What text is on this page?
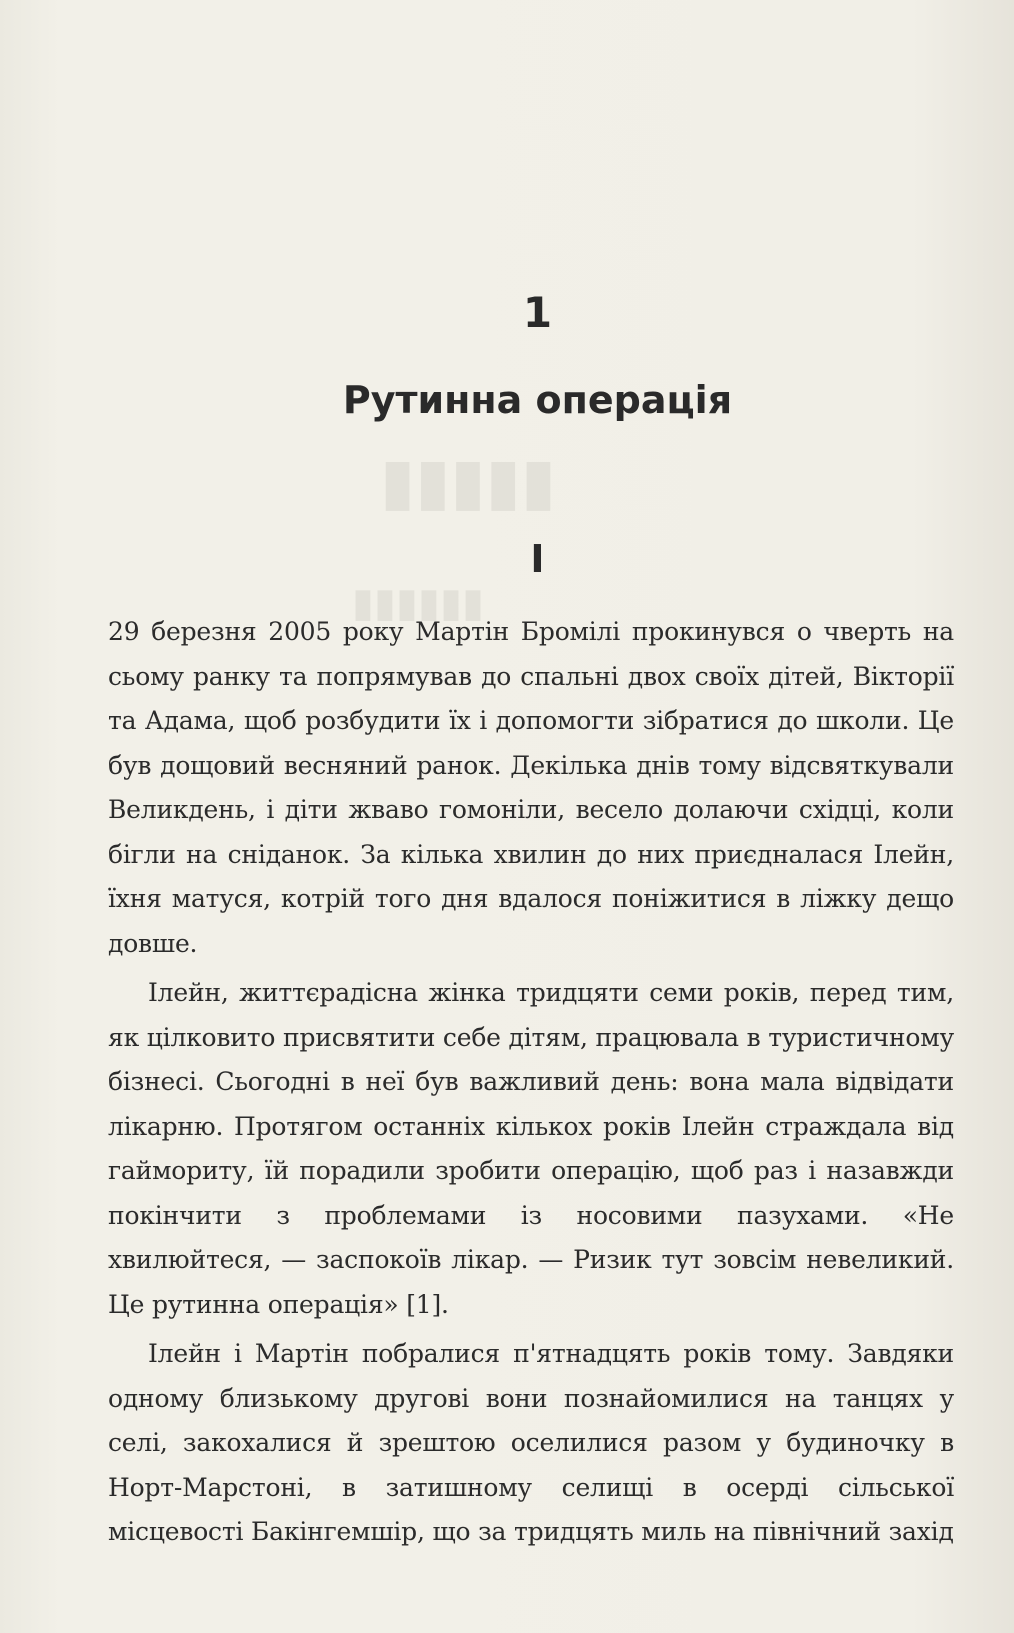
▮▮▮▮▮
▮▮▮▮▮▮
1
Рутинна операція
І

29 березня 2005 року Мартін Бромілі прокинувся о чверть на сьому ранку та попрямував до спальні двох своїх дітей, Вікторії та Адама, щоб розбудити їх і допомогти зібратися до школи. Це був дощовий весняний ранок. Декілька днів тому відсвяткували Великдень, і діти жваво гомоніли, весело долаючи східці, коли бігли на сніданок. За кілька хвилин до них приєдналася Ілейн, їхня матуся, котрій того дня вдалося поніжитися в ліжку дещо довше.

Ілейн, життєрадісна жінка тридцяти семи років, перед тим, як цілковито присвятити себе дітям, працювала в туристичному бізнесі. Сьогодні в неї був важливий день: вона мала відвідати лікарню. Протягом останніх кількох років Ілейн страждала від гаймориту, їй порадили зробити операцію, щоб раз і назавжди покінчити з проблемами із носовими пазухами. «Не хвилюйтеся, — заспокоїв лікар. — Ризик тут зовсім невеликий. Це рутинна операція» [1].

Ілейн і Мартін побралися п'ятнадцять років тому. Завдяки одному близькому другові вони познайомилися на танцях у селі, закохалися й зрештою оселилися разом у будиночку в Норт-Марстоні, в затишному селищі в осерді сільської місцевості Бакінгемшір, що за тридцять миль на північний захід
